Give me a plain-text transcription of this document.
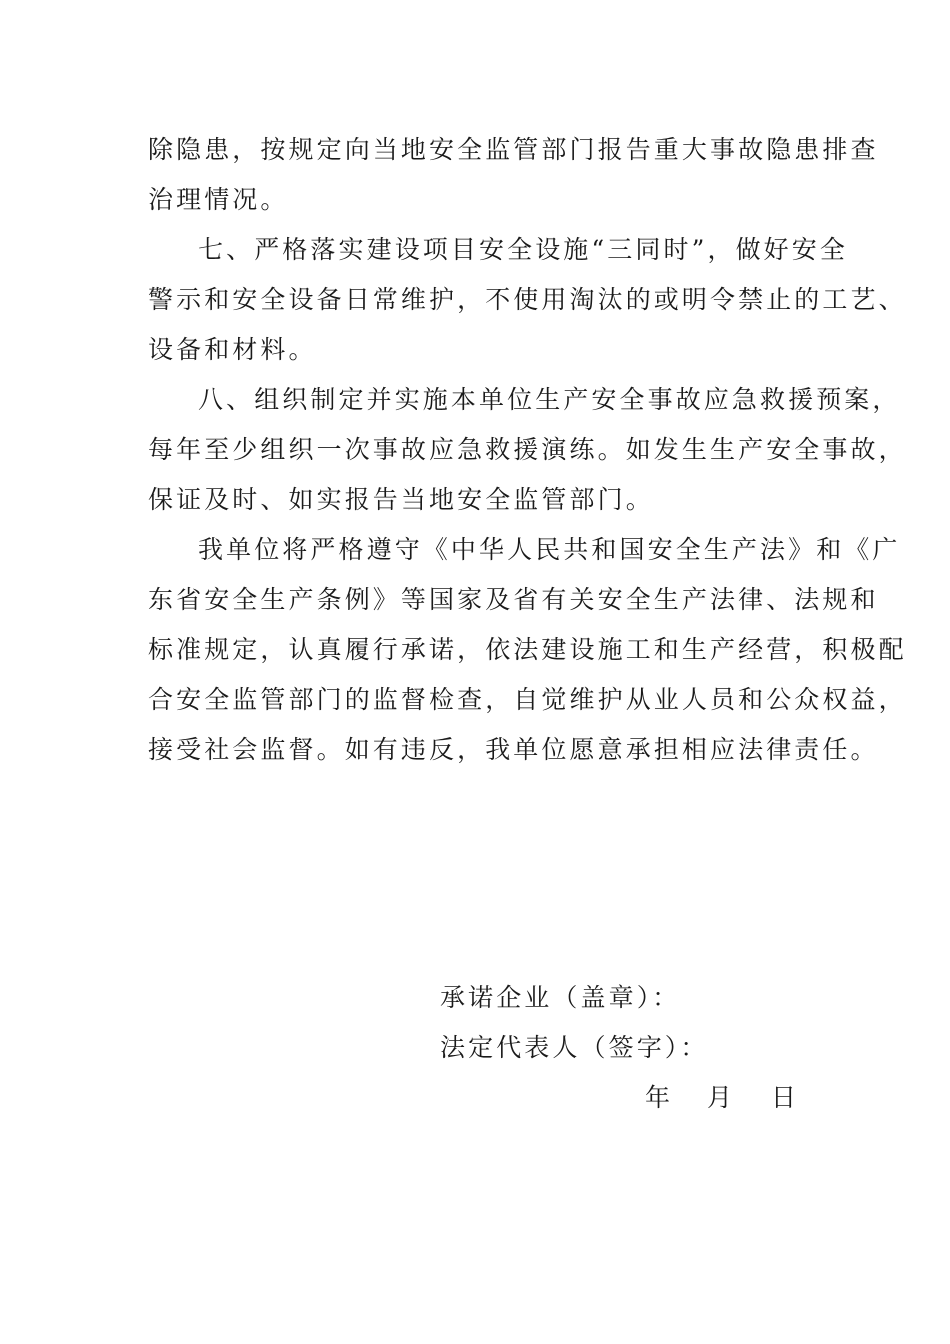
除隐患，按规定向当地安全监管部门报告重大事故隐患排查
治理情况。
七、严格落实建设项目安全设施“三同时”，做好安全
警示和安全设备日常维护，不使用淘汰的或明令禁止的工艺、
设备和材料。
八、组织制定并实施本单位生产安全事故应急救援预案，
每年至少组织一次事故应急救援演练。如发生生产安全事故，
保证及时、如实报告当地安全监管部门。
我单位将严格遵守《中华人民共和国安全生产法》和《广
东省安全生产条例》等国家及省有关安全生产法律、法规和
标准规定，认真履行承诺，依法建设施工和生产经营，积极配
合安全监管部门的监督检查，自觉维护从业人员和公众权益，
接受社会监督。如有违反，我单位愿意承担相应法律责任。
承诺企业（盖章）：
法定代表人（签字）：
年 月 日
